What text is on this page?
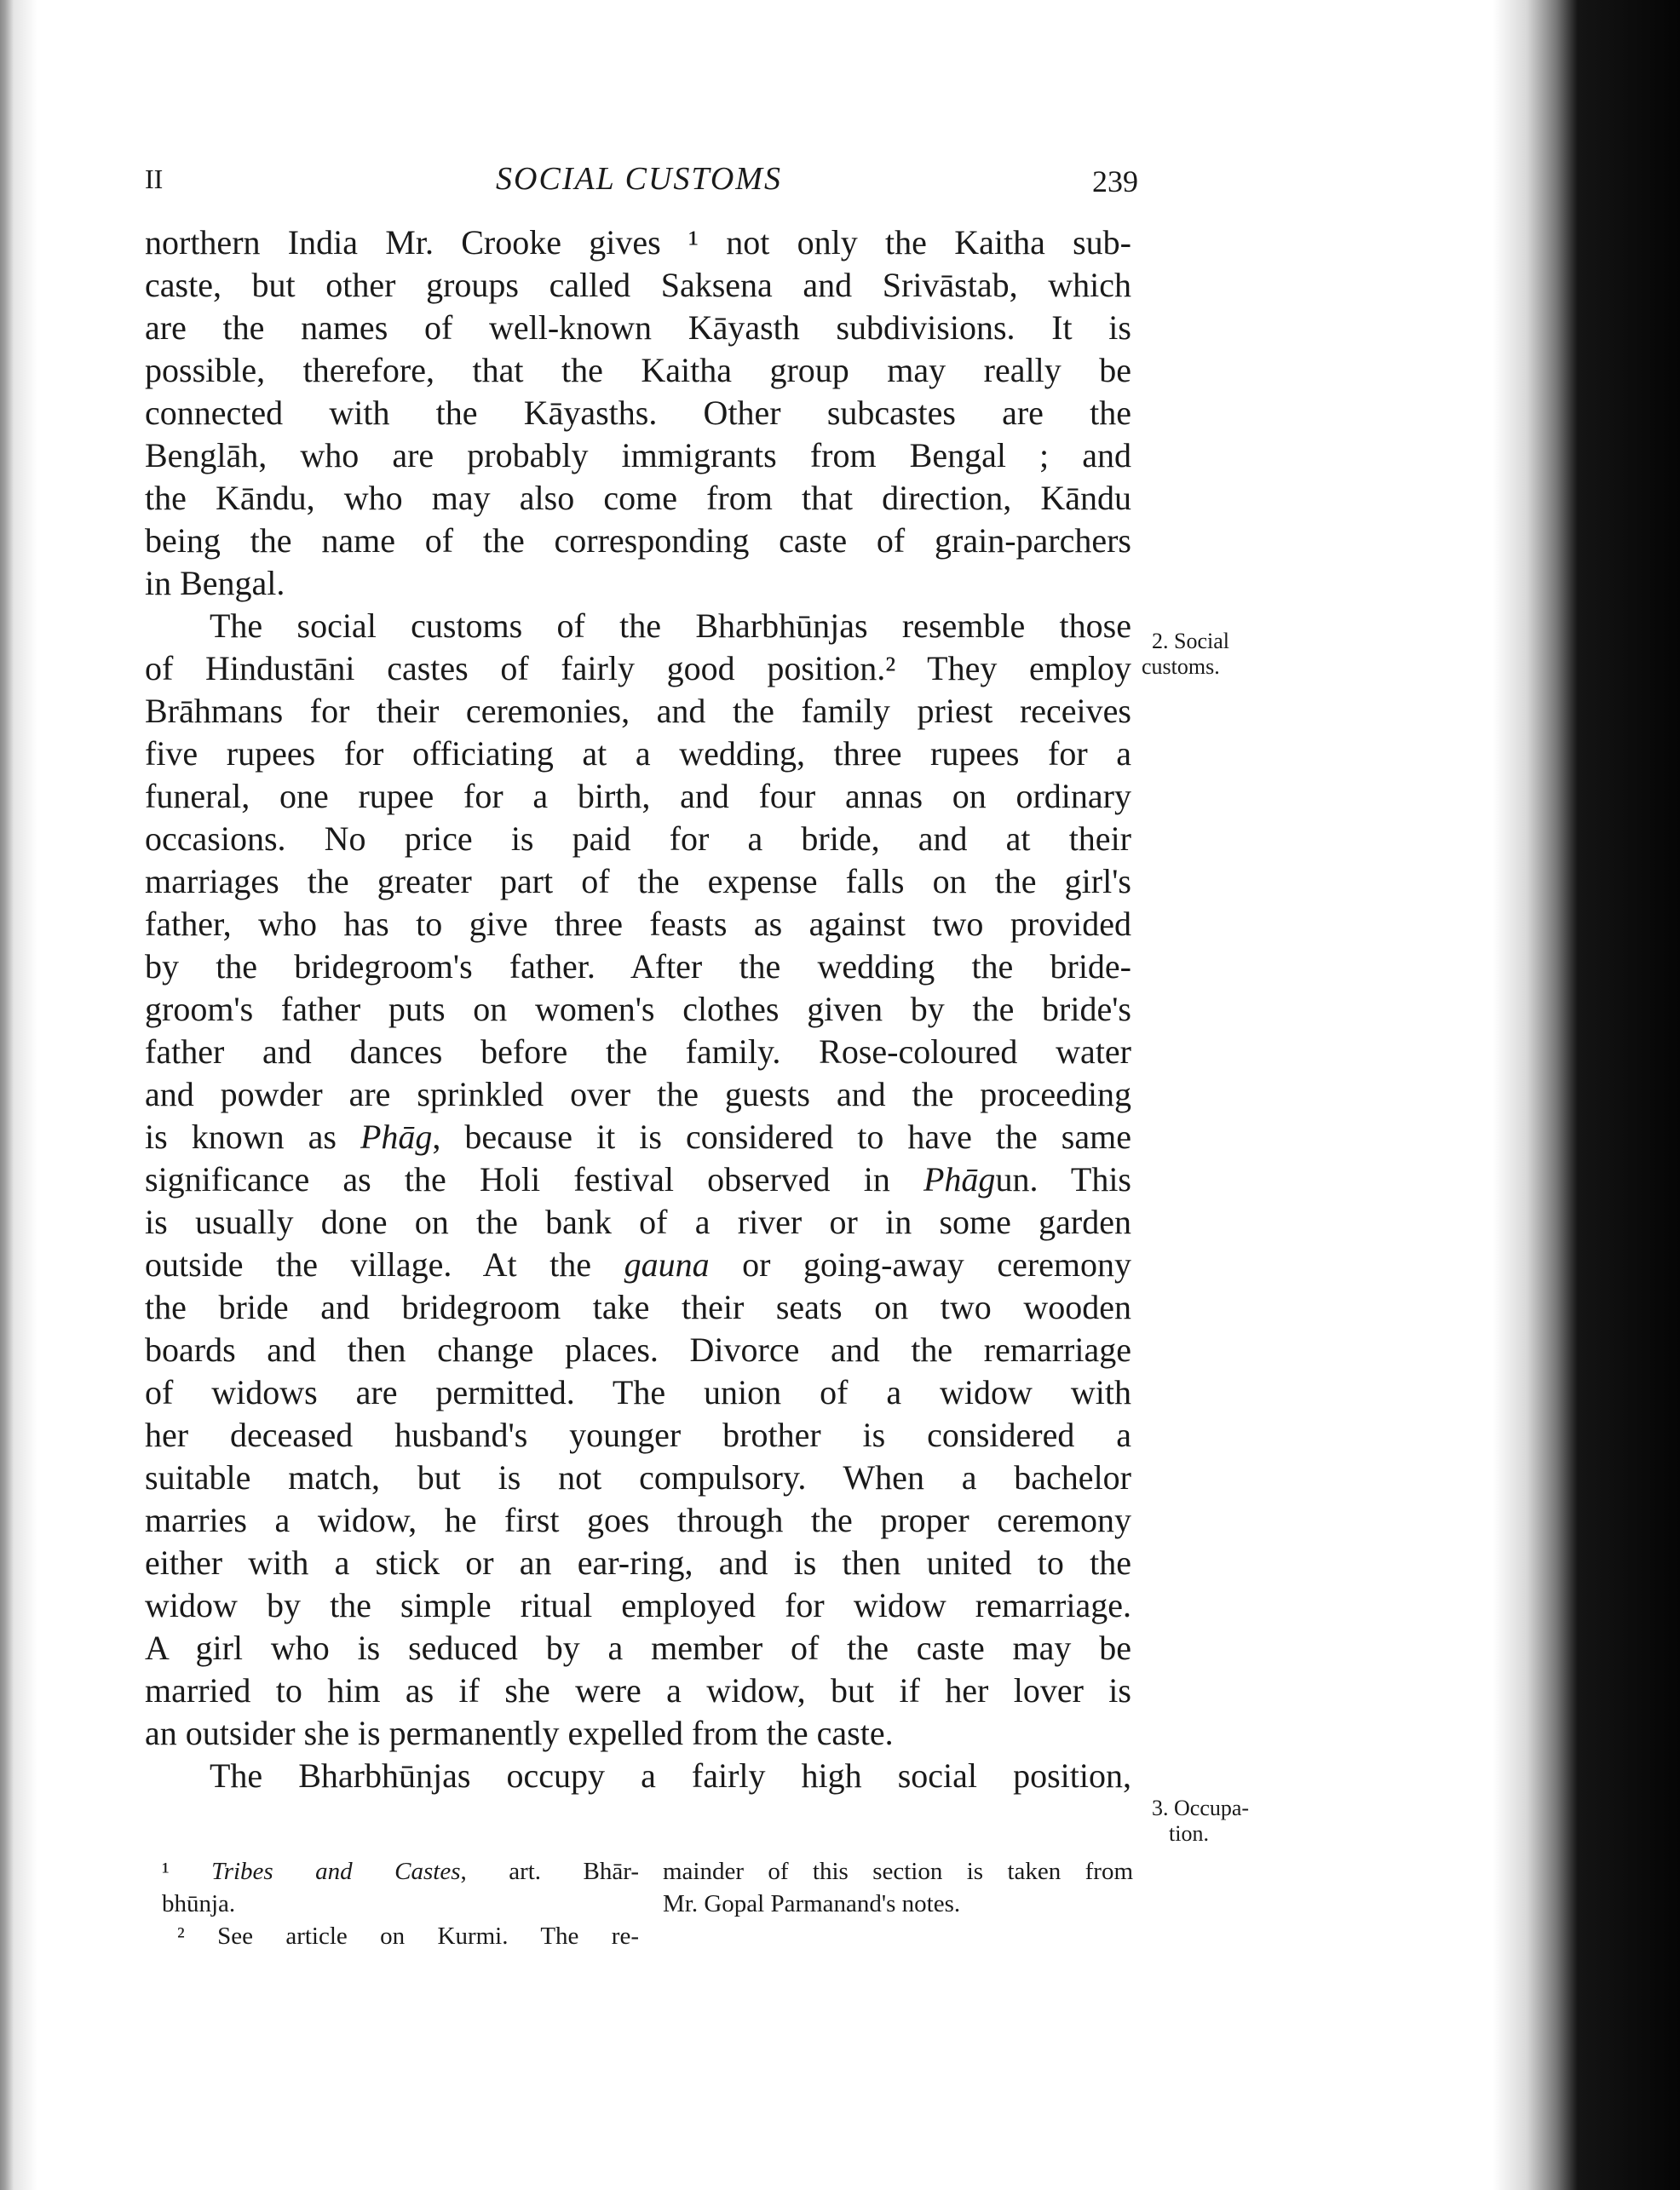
II	SOCIAL CUSTOMS	239
northern India Mr. Crooke gives ¹ not only the Kaitha sub-
caste, but other groups called Saksena and Srivāstab, which
are the names of well-known Kāyasth subdivisions. It is
possible, therefore, that the Kaitha group may really be
connected with the Kāyasths. Other subcastes are the
Benglāh, who are probably immigrants from Bengal ; and
the Kāndu, who may also come from that direction, Kāndu
being the name of the corresponding caste of grain-parchers
in Bengal.
The social customs of the Bharbhūnjas resemble those
of Hindustāni castes of fairly good position.² They employ
Brāhmans for their ceremonies, and the family priest receives
five rupees for officiating at a wedding, three rupees for a
funeral, one rupee for a birth, and four annas on ordinary
occasions. No price is paid for a bride, and at their
marriages the greater part of the expense falls on the girl's
father, who has to give three feasts as against two provided
by the bridegroom's father. After the wedding the bride-
groom's father puts on women's clothes given by the bride's
father and dances before the family. Rose-coloured water
and powder are sprinkled over the guests and the proceeding
is known as Phāg, because it is considered to have the same
significance as the Holi festival observed in Phāgun. This
is usually done on the bank of a river or in some garden
outside the village. At the gauna or going-away ceremony
the bride and bridegroom take their seats on two wooden
boards and then change places. Divorce and the remarriage
of widows are permitted. The union of a widow with
her deceased husband's younger brother is considered a
suitable match, but is not compulsory. When a bachelor
marries a widow, he first goes through the proper ceremony
either with a stick or an ear-ring, and is then united to the
widow by the simple ritual employed for widow remarriage.
A girl who is seduced by a member of the caste may be
married to him as if she were a widow, but if her lover is
an outsider she is permanently expelled from the caste.
The Bharbhūnjas occupy a fairly high social position,
2. Social
customs.
3. Occupa-
tion.
¹ Tribes and Castes, art. Bhār-
bhūnja.
² See article on Kurmi. The re-
mainder of this section is taken from
Mr. Gopal Parmanand's notes.
